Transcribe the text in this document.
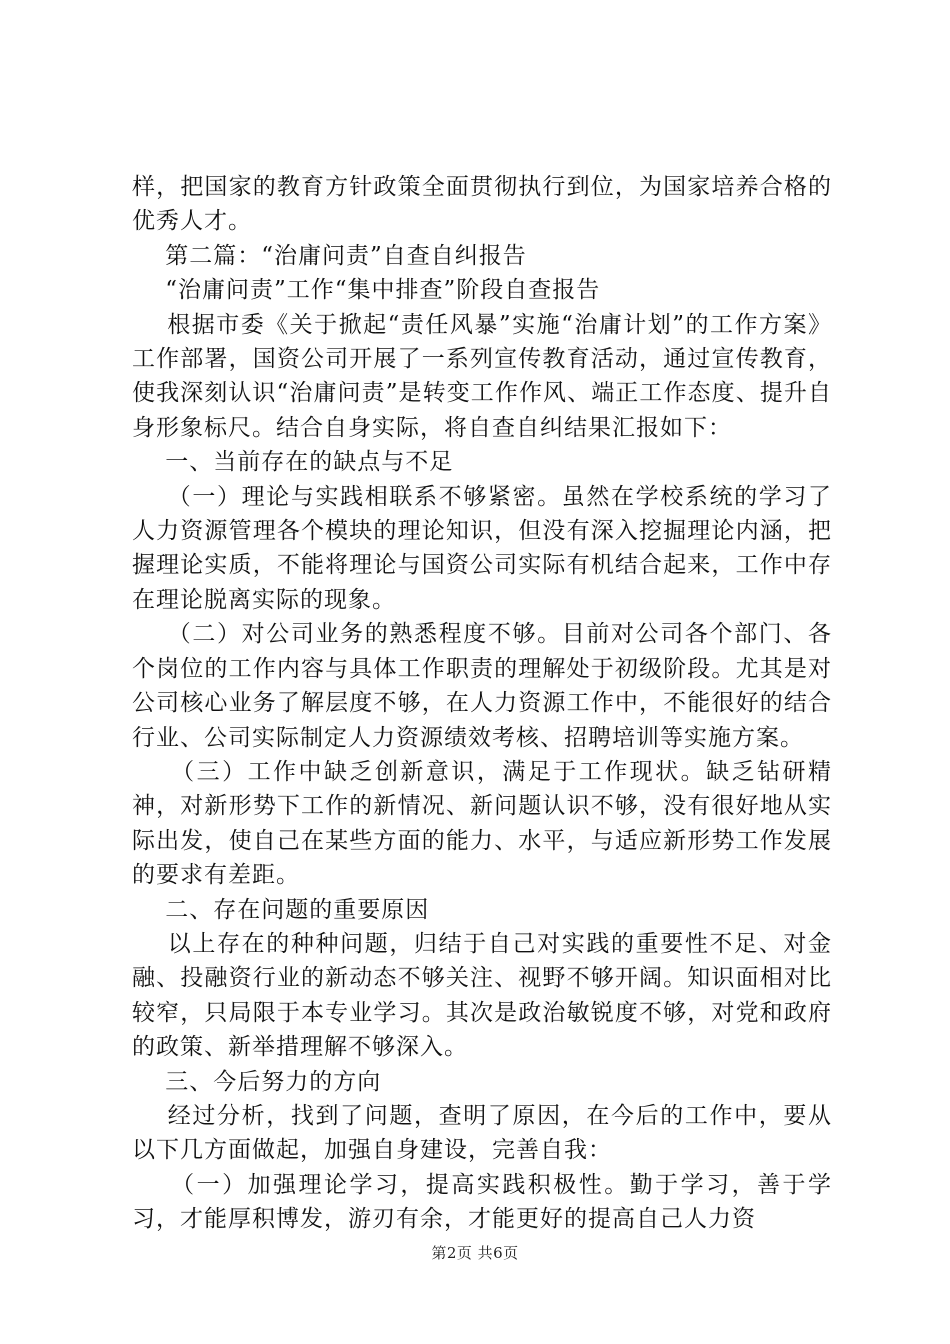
样，把国家的教育方针政策全面贯彻执行到位，为国家培养合格的优秀人才。

第二篇：“治庸问责”自查自纠报告

“治庸问责”工作“集中排查”阶段自查报告

根据市委《关于掀起“责任风暴”实施“治庸计划”的工作方案》工作部署，国资公司开展了一系列宣传教育活动，通过宣传教育，使我深刻认识“治庸问责”是转变工作作风、端正工作态度、提升自身形象标尺。结合自身实际，将自查自纠结果汇报如下：

一、当前存在的缺点与不足

（一）理论与实践相联系不够紧密。虽然在学校系统的学习了人力资源管理各个模块的理论知识，但没有深入挖掘理论内涵，把握理论实质，不能将理论与国资公司实际有机结合起来，工作中存在理论脱离实际的现象。

（二）对公司业务的熟悉程度不够。目前对公司各个部门、各个岗位的工作内容与具体工作职责的理解处于初级阶段。尤其是对公司核心业务了解层度不够，在人力资源工作中，不能很好的结合行业、公司实际制定人力资源绩效考核、招聘培训等实施方案。

（三）工作中缺乏创新意识，满足于工作现状。缺乏钻研精神，对新形势下工作的新情况、新问题认识不够，没有很好地从实际出发，使自己在某些方面的能力、水平，与适应新形势工作发展的要求有差距。

二、存在问题的重要原因

以上存在的种种问题，归结于自己对实践的重要性不足、对金融、投融资行业的新动态不够关注、视野不够开阔。知识面相对比较窄，只局限于本专业学习。其次是政治敏锐度不够，对党和政府的政策、新举措理解不够深入。

三、今后努力的方向

经过分析，找到了问题，查明了原因，在今后的工作中，要从以下几方面做起，加强自身建设，完善自我：

（一）加强理论学习，提高实践积极性。勤于学习，善于学习，才能厚积博发，游刃有余，才能更好的提高自己人力资

第2页 共6页
